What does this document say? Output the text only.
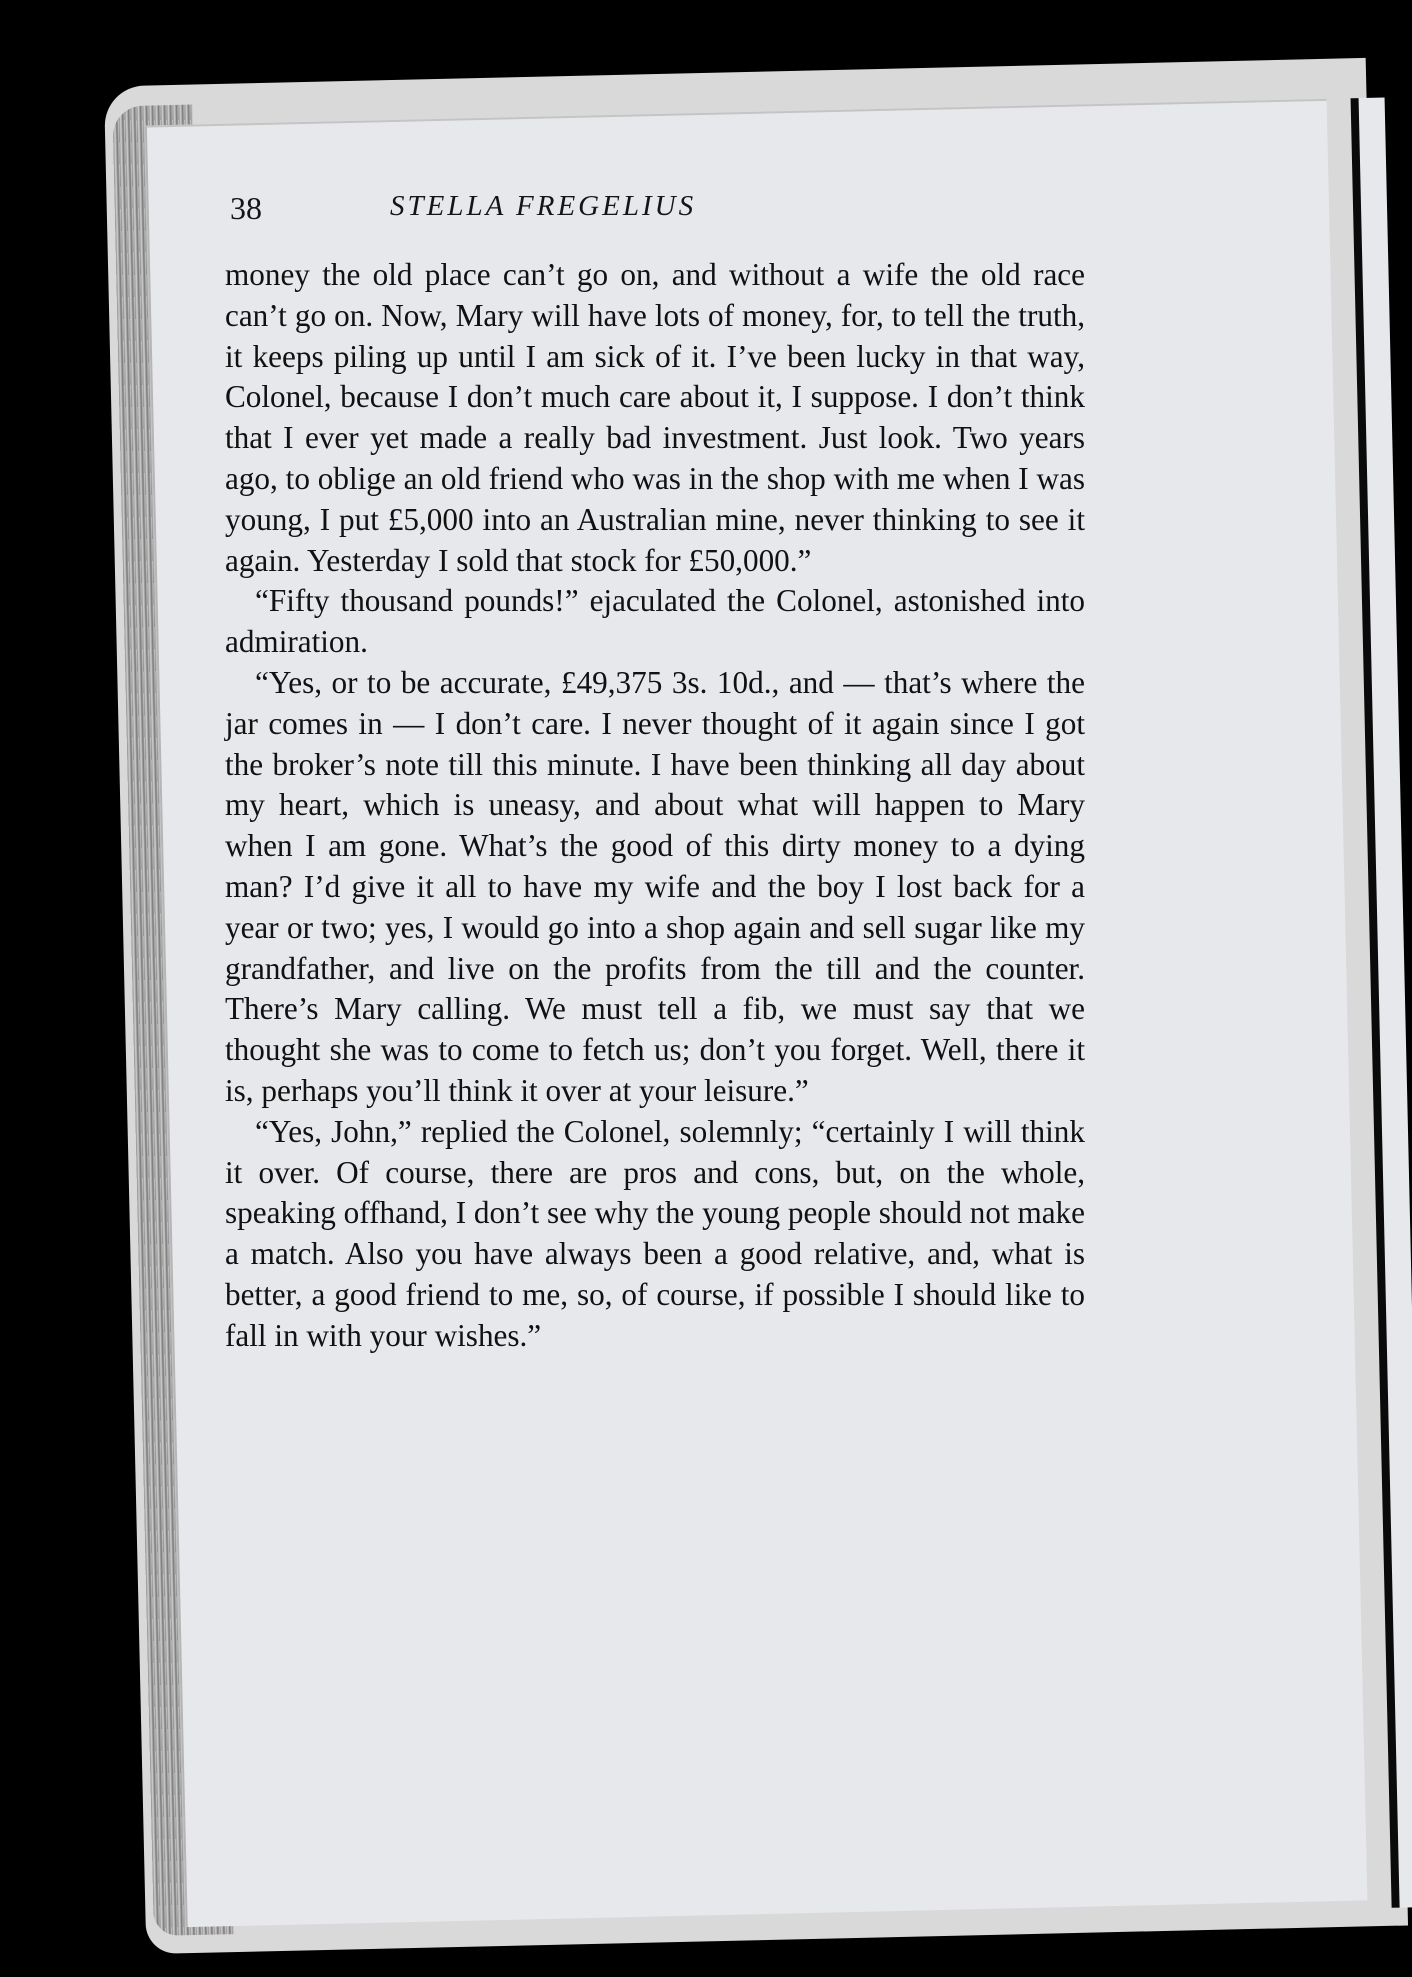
38	STELLA FREGELIUS

money the old place can’t go on, and without a wife the old race can’t go on. Now, Mary will have lots of money, for, to tell the truth, it keeps piling up until I am sick of it. I’ve been lucky in that way, Colonel, because I don’t much care about it, I suppose. I don’t think that I ever yet made a really bad investment. Just look. Two years ago, to oblige an old friend who was in the shop with me when I was young, I put £5,000 into an Australian mine, never thinking to see it again. Yesterday I sold that stock for £50,000.”

“Fifty thousand pounds!” ejaculated the Colonel, astonished into admiration.

“Yes, or to be accurate, £49,375 3s. 10d., and — that’s where the jar comes in — I don’t care. I never thought of it again since I got the broker’s note till this minute. I have been thinking all day about my heart, which is uneasy, and about what will happen to Mary when I am gone. What’s the good of this dirty money to a dying man? I’d give it all to have my wife and the boy I lost back for a year or two; yes, I would go into a shop again and sell sugar like my grandfather, and live on the profits from the till and the counter. There’s Mary calling. We must tell a fib, we must say that we thought she was to come to fetch us; don’t you forget. Well, there it is, perhaps you’ll think it over at your leisure.”

“Yes, John,” replied the Colonel, solemnly; “certainly I will think it over. Of course, there are pros and cons, but, on the whole, speaking offhand, I don’t see why the young people should not make a match. Also you have always been a good relative, and, what is better, a good friend to me, so, of course, if possible I should like to fall in with your wishes.”
